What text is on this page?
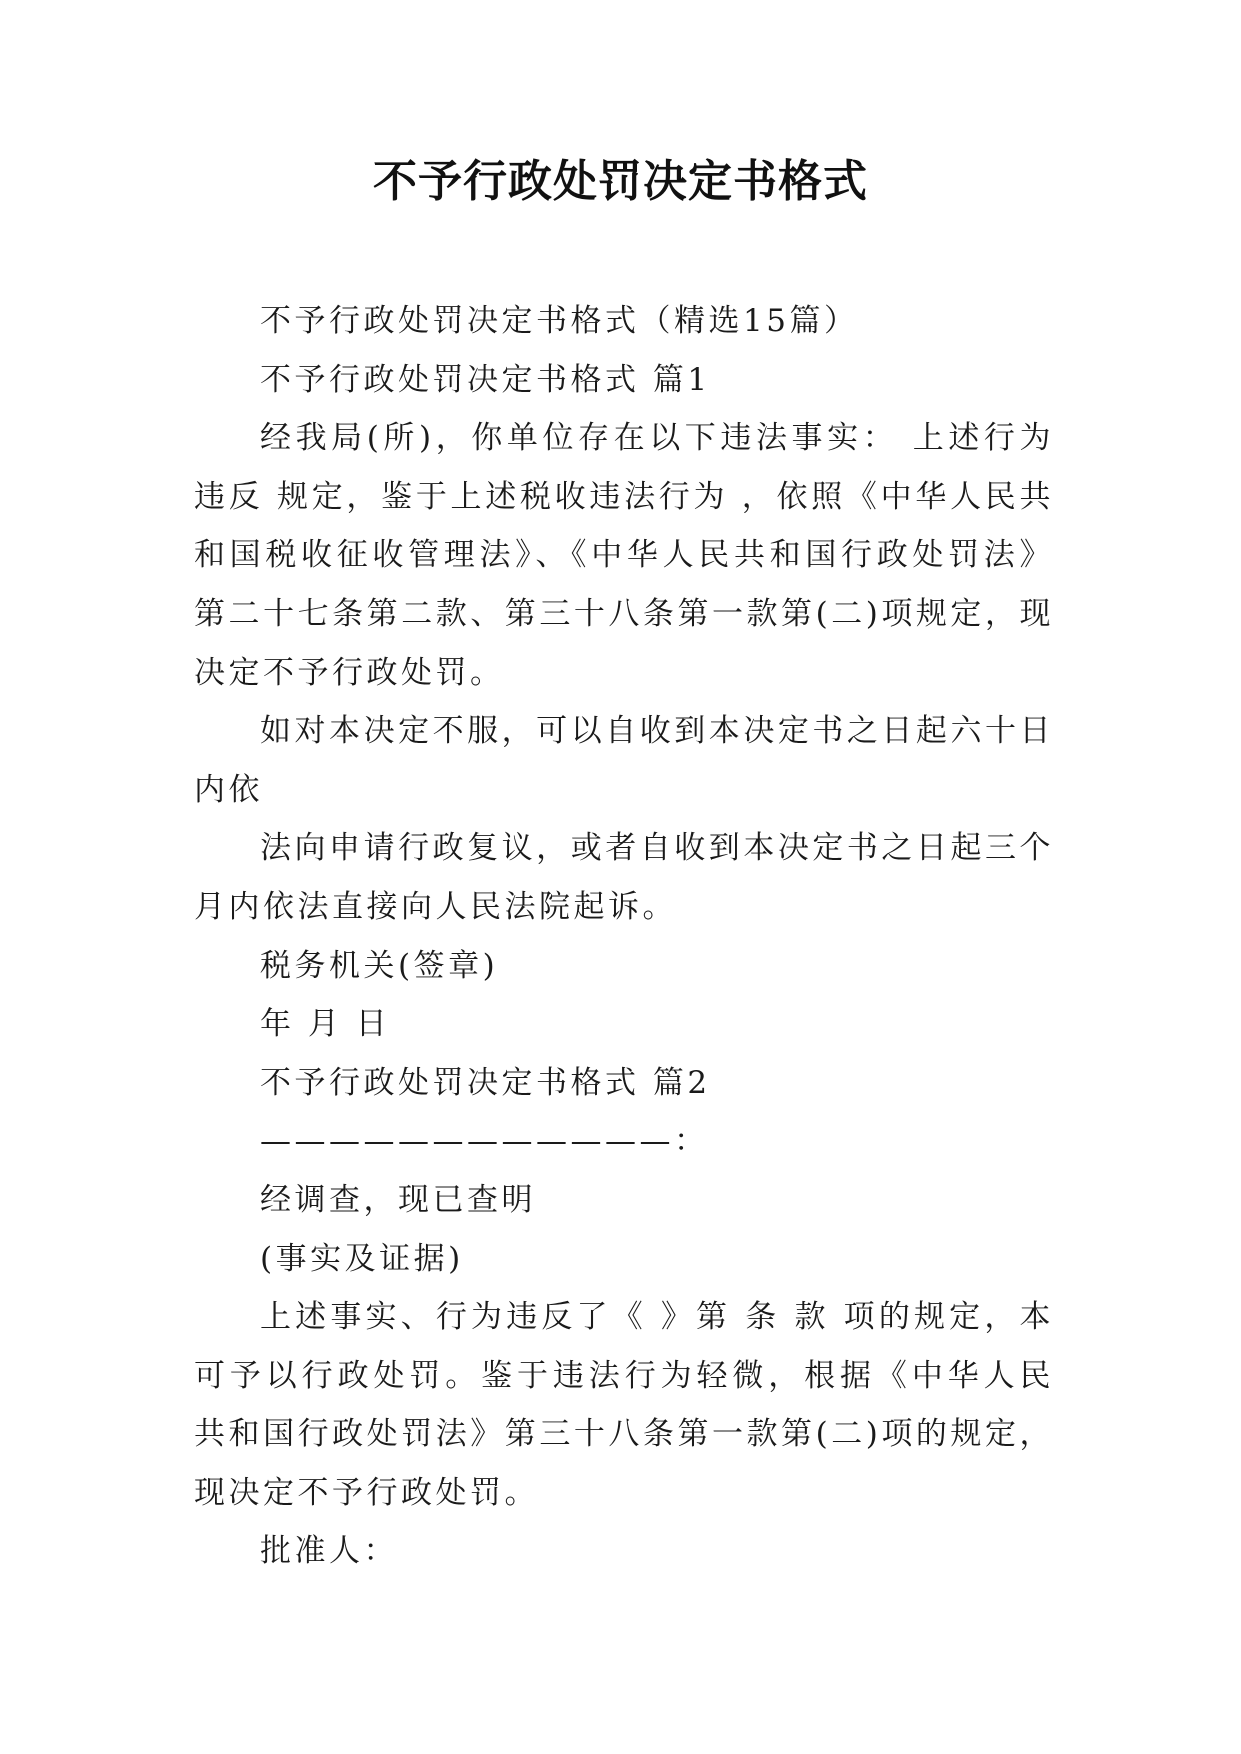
不予行政处罚决定书格式

不予行政处罚决定书格式（精选15篇）

不予行政处罚决定书格式 篇1

经我局(所)，你单位存在以下违法事实： 上述行为违反 规定，鉴于上述税收违法行为 ，依照《中华人民共和国税收征收管理法》、《中华人民共和国行政处罚法》第二十七条第二款、第三十八条第一款第(二)项规定，现决定不予行政处罚。

如对本决定不服，可以自收到本决定书之日起六十日内依

法向申请行政复议，或者自收到本决定书之日起三个月内依法直接向人民法院起诉。

税务机关(签章)

年 月 日

不予行政处罚决定书格式 篇2

————————————：

经调查，现已查明

(事实及证据)

上述事实、行为违反了《 》第 条 款 项的规定，本可予以行政处罚。鉴于违法行为轻微，根据《中华人民共和国行政处罚法》第三十八条第一款第(二)项的规定，现决定不予行政处罚。

批准人：
